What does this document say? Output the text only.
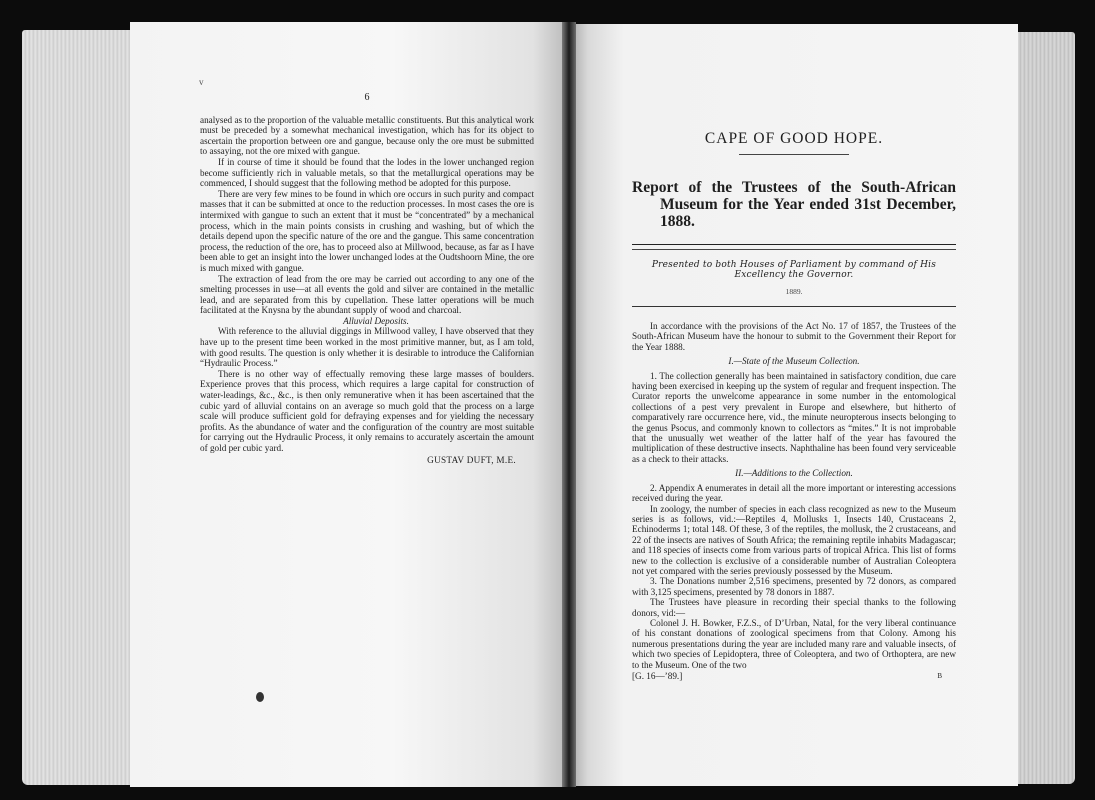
v
6

analysed as to the proportion of the valuable metallic constituents. But this analytical work must be preceded by a somewhat mechanical investigation, which has for its object to ascertain the proportion between ore and gangue, because only the ore must be submitted to assaying, not the ore mixed with gangue.

If in course of time it should be found that the lodes in the lower unchanged region become sufficiently rich in valuable metals, so that the metallurgical operations may be commenced, I should suggest that the following method be adopted for this purpose.

There are very few mines to be found in which ore occurs in such purity and compact masses that it can be submitted at once to the reduction processes. In most cases the ore is intermixed with gangue to such an extent that it must be “concentrated” by a mechanical process, which in the main points consists in crushing and washing, but of which the details depend upon the specific nature of the ore and the gangue. This same concentration process, the reduction of the ore, has to proceed also at Millwood, because, as far as I have been able to get an insight into the lower unchanged lodes at the Oudtshoorn Mine, the ore is much mixed with gangue.

The extraction of lead from the ore may be carried out according to any one of the smelting processes in use—at all events the gold and silver are contained in the metallic lead, and are separated from this by cupellation. These latter operations will be much facilitated at the Knysna by the abundant supply of wood and charcoal.

Alluvial Deposits.

With reference to the alluvial diggings in Millwood valley, I have observed that they have up to the present time been worked in the most primitive manner, but, as I am told, with good results. The question is only whether it is desirable to introduce the Californian “Hydraulic Process.”

There is no other way of effectually removing these large masses of boulders. Experience proves that this process, which requires a large capital for construction of water-leadings, &c., &c., is then only remunerative when it has been ascertained that the cubic yard of alluvial contains on an average so much gold that the process on a large scale will produce sufficient gold for defraying expenses and for yielding the necessary profits. As the abundance of water and the configuration of the country are most suitable for carrying out the Hydraulic Process, it only remains to accurately ascertain the amount of gold per cubic yard.

GUSTAV DUFT, M.E.

CAPE OF GOOD HOPE.

Report of the Trustees of the South-African Museum for the Year ended 31st December, 1888.

Presented to both Houses of Parliament by command of His Excellency the Governor.
1889.

In accordance with the provisions of the Act No. 17 of 1857, the Trustees of the South-African Museum have the honour to submit to the Government their Report for the Year 1888.

I.—State of the Museum Collection.

1. The collection generally has been maintained in satisfactory condition, due care having been exercised in keeping up the system of regular and frequent inspection. The Curator reports the unwelcome appearance in some number in the entomological collections of a pest very prevalent in Europe and elsewhere, but hitherto of comparatively rare occurrence here, vid., the minute neuropterous insects belonging to the genus Psocus, and commonly known to collectors as “mites.” It is not improbable that the unusually wet weather of the latter half of the year has favoured the multiplication of these destructive insects. Naphthaline has been found very serviceable as a check to their attacks.

II.—Additions to the Collection.

2. Appendix A enumerates in detail all the more important or interesting accessions received during the year.

In zoology, the number of species in each class recognized as new to the Museum series is as follows, vid.:—Reptiles 4, Mollusks 1, Insects 140, Crustaceans 2, Echinoderms 1; total 148. Of these, 3 of the reptiles, the mollusk, the 2 crustaceans, and 22 of the insects are natives of South Africa; the remaining reptile inhabits Madagascar; and 118 species of insects come from various parts of tropical Africa. This list of forms new to the collection is exclusive of a considerable number of Australian Coleoptera not yet compared with the series previously possessed by the Museum.

3. The Donations number 2,516 specimens, presented by 72 donors, as compared with 3,125 specimens, presented by 78 donors in 1887.

The Trustees have pleasure in recording their special thanks to the following donors, vid:—

Colonel J. H. Bowker, F.Z.S., of D’Urban, Natal, for the very liberal continuance of his constant donations of zoological specimens from that Colony. Among his numerous presentations during the year are included many rare and valuable insects, of which two species of Lepidoptera, three of Coleoptera, and two of Orthoptera, are new to the Museum. One of the two

[G. 16—’89.]	B
